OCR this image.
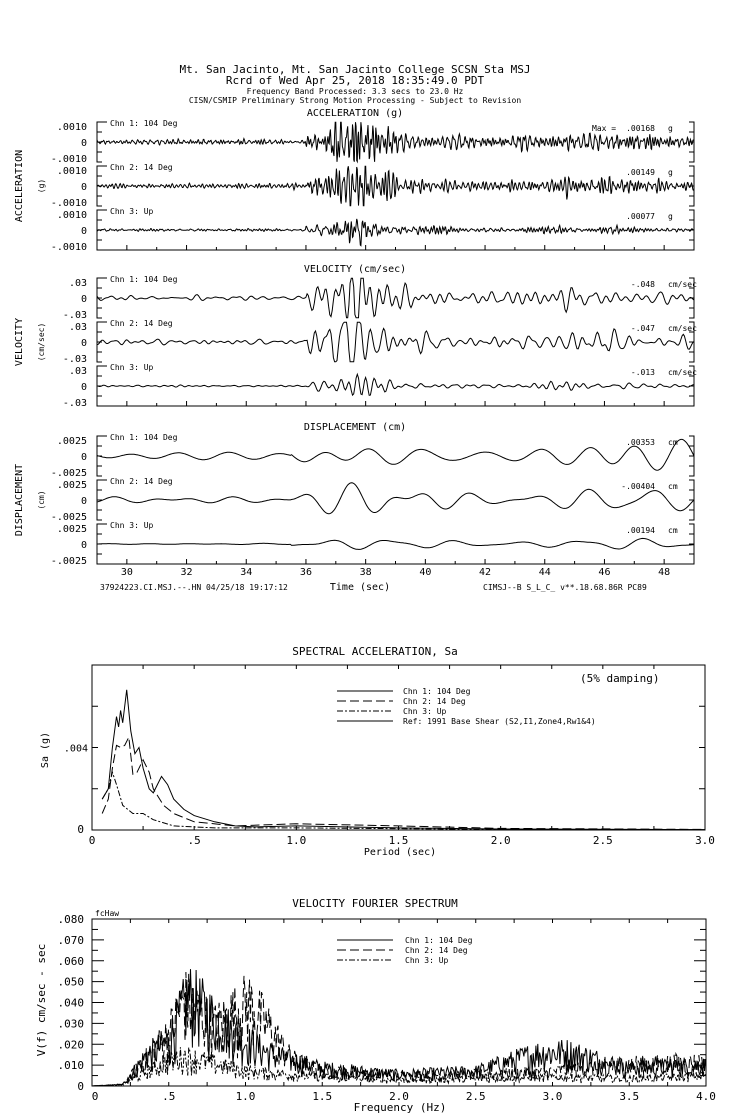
Mt. San Jacinto, Mt. San Jacinto College SCSN Sta MSJ
Rcrd of Wed Apr 25, 2018 18:35:49.0 PDT
Frequency Band Processed: 3.3 secs to 23.0 Hz
CISN/CSMIP Preliminary Strong Motion Processing - Subject to Revision
ACCELERATION (g)
ACCELERATION (g)
.0010
0
-.0010
Chn 1: 104 Deg
Max = .00168 g
.0010
0
-.0010
Chn 2: 14 Deg
.00149 g
.0010
0
-.0010
Chn 3: Up
.00077 g
VELOCITY (cm/sec)
VELOCITY (cm/sec)
.03
0
-.03
Chn 1: 104 Deg
-.048 cm/sec
.03
0
-.03
Chn 2: 14 Deg
-.047 cm/sec
.03
0
-.03
Chn 3: Up
-.013 cm/sec
DISPLACEMENT (cm)
DISPLACEMENT (cm)
.0025
0
-.0025
Chn 1: 104 Deg
.00353 cm
.0025
0
-.0025
Chn 2: 14 Deg
-.00404 cm
.0025
0
-.0025
Chn 3: Up
.00194 cm
30	32	34	36	38	40	42	44	46	48
Time (sec)
37924223.CI.MSJ.--.HN 04/25/18 19:17:12	CIMSJ--B S_L_C_ v**.18.68.86R PC89
SPECTRAL ACCELERATION, Sa
0	.5	1.0	1.5	2.0	2.5	3.0
0
.004
Sa (g)
Period (sec)
(5% damping)
Chn 1: 104 Deg
Chn 2: 14 Deg
Chn 3: Up
Ref: 1991 Base Shear (S2,I1,Zone4,Rw1&4)
VELOCITY FOURIER SPECTRUM
fcHaw
0	.5	1.0	1.5	2.0	2.5	3.0	3.5	4.0
0
.010
.020
.030
.040
.050
.060
.070
.080
V(f) cm/sec - sec
Frequency (Hz)
Chn 1: 104 Deg
Chn 2: 14 Deg
Chn 3: Up
